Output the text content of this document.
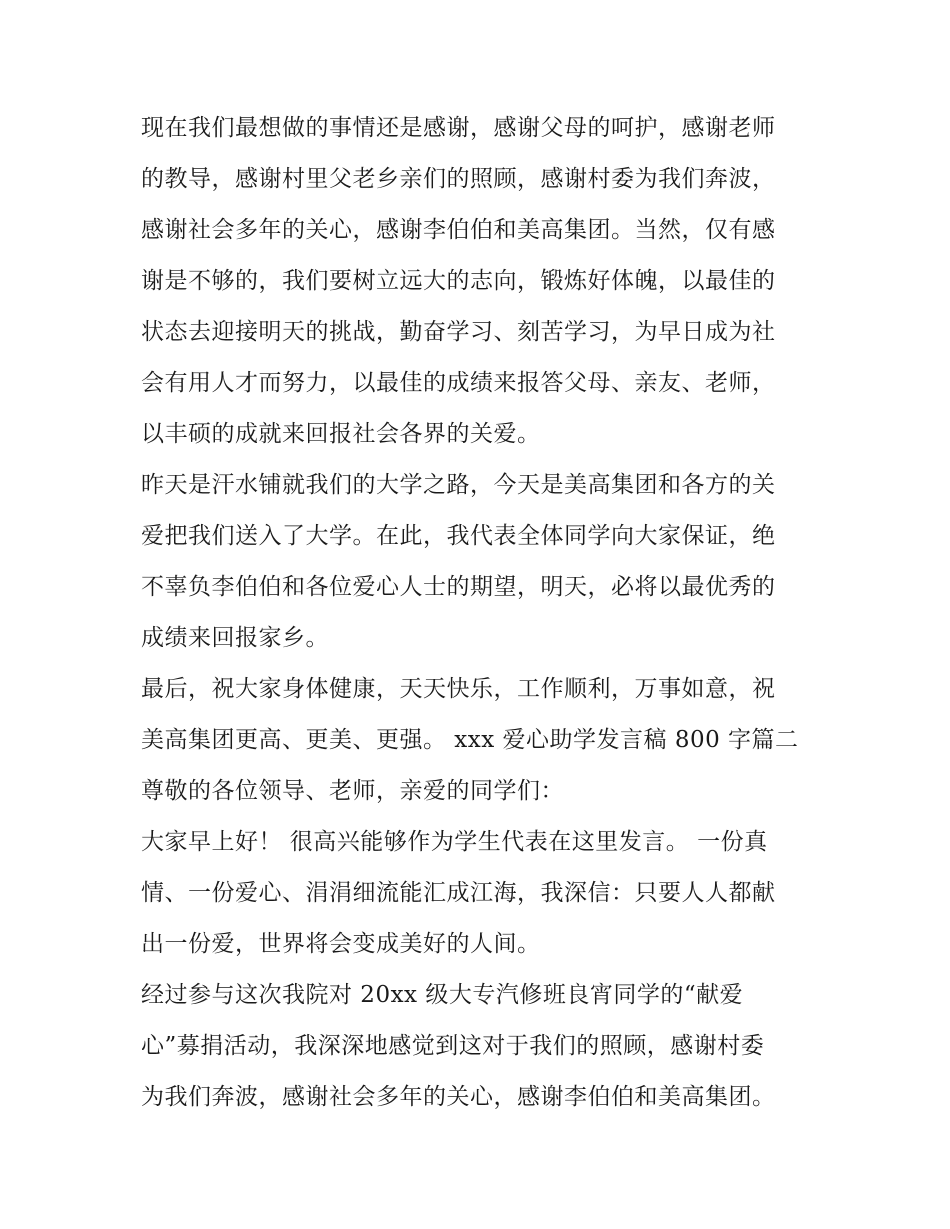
现在我们最想做的事情还是感谢，感谢父母的呵护，感谢老师
的教导，感谢村里父老乡亲们的照顾，感谢村委为我们奔波，
感谢社会多年的关心，感谢李伯伯和美高集团。当然，仅有感
谢是不够的，我们要树立远大的志向，锻炼好体魄，以最佳的
状态去迎接明天的挑战，勤奋学习、刻苦学习，为早日成为社
会有用人才而努力，以最佳的成绩来报答父母、亲友、老师，
以丰硕的成就来回报社会各界的关爱。
昨天是汗水铺就我们的大学之路，今天是美高集团和各方的关
爱把我们送入了大学。在此，我代表全体同学向大家保证，绝
不辜负李伯伯和各位爱心人士的期望，明天，必将以最优秀的
成绩来回报家乡。
最后，祝大家身体健康，天天快乐，工作顺利，万事如意，祝
美高集团更高、更美、更强。 xxx 爱心助学发言稿 800 字篇二
尊敬的各位领导、老师，亲爱的同学们：
大家早上好！ 很高兴能够作为学生代表在这里发言。 一份真
情、一份爱心、涓涓细流能汇成江海，我深信：只要人人都献
出一份爱，世界将会变成美好的人间。
经过参与这次我院对 20xx 级大专汽修班良宵同学的“献爱
心”募捐活动，我深深地感觉到这对于我们的照顾，感谢村委
为我们奔波，感谢社会多年的关心，感谢李伯伯和美高集团。
